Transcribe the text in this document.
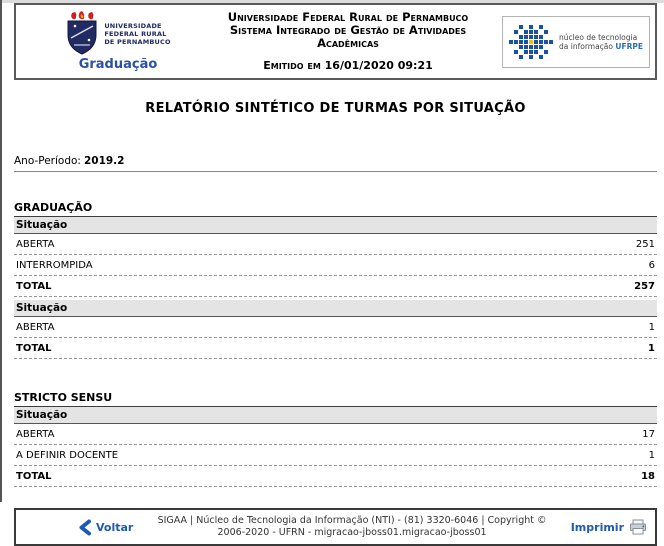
UNIVERSIDADE
FEDERAL RURAL
DE PERNAMBUCO
Graduação
Universidade Federal Rural de Pernambuco
Sistema Integrado de Gestão de Atividades
Acadêmicas
Emitido em 16/01/2020 09:21
núcleo de tecnologia
da informação UFRPE
RELATÓRIO SINTÉTICO DE TURMAS POR SITUAÇÃO
Ano-Período: 2019.2
GRADUAÇÃO
Situação
ABERTA	251
INTERROMPIDA	6
TOTAL	257
Situação
ABERTA	1
TOTAL	1
STRICTO SENSU
Situação
ABERTA	17
A DEFINIR DOCENTE	1
TOTAL	18
Voltar	SIGAA | Núcleo de Tecnologia da Informação (NTI) - (81) 3320-6046 | Copyright ©
2006-2020 - UFRN - migracao-jboss01.migracao-jboss01	Imprimir
